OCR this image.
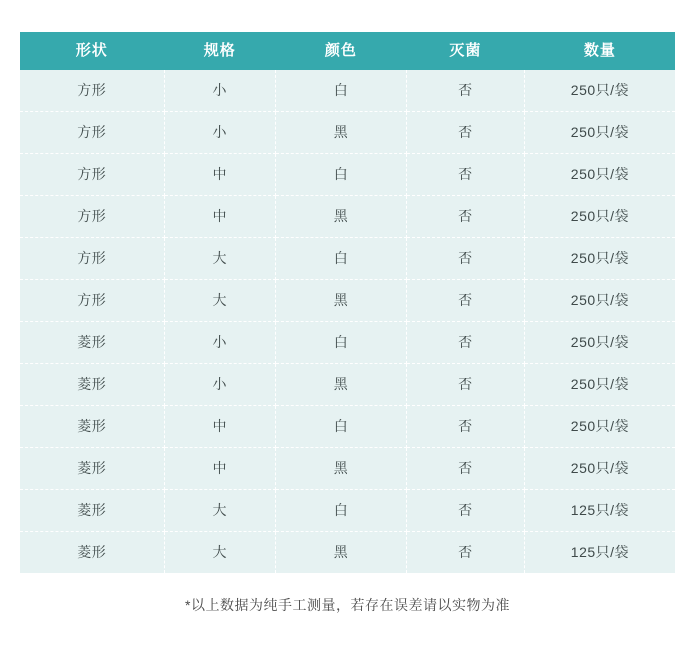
形状	规格	颜色	灭菌	数量
方形	小	白	否	250只/袋
方形	小	黑	否	250只/袋
方形	中	白	否	250只/袋
方形	中	黑	否	250只/袋
方形	大	白	否	250只/袋
方形	大	黑	否	250只/袋
菱形	小	白	否	250只/袋
菱形	小	黑	否	250只/袋
菱形	中	白	否	250只/袋
菱形	中	黑	否	250只/袋
菱形	大	白	否	125只/袋
菱形	大	黑	否	125只/袋
*以上数据为纯手工测量，若存在误差请以实物为准
